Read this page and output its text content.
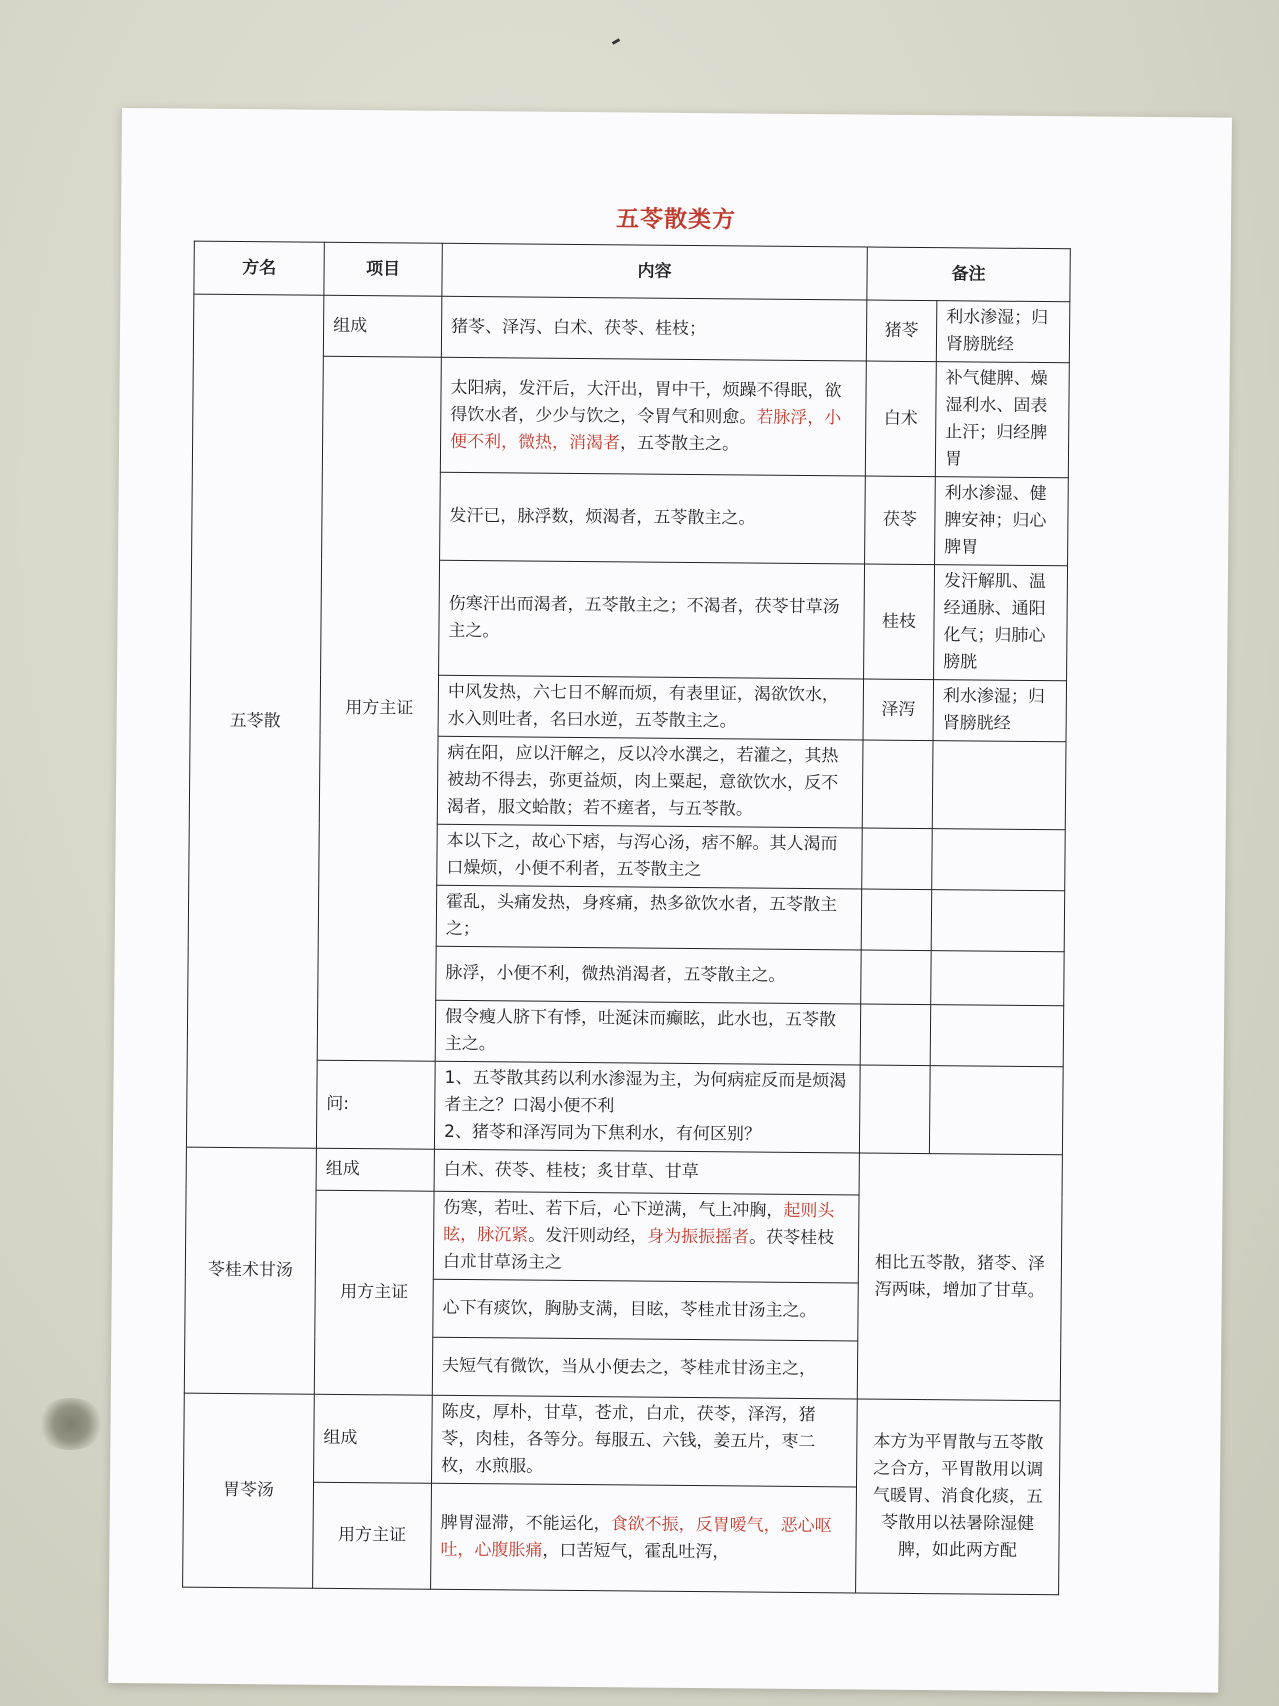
五苓散类方
方名	项目	内容	备注	
五苓散	组成	猪苓、泽泻、白术、茯苓、桂枝；	猪苓	利水渗湿；归肾膀胱经
	用方主证	太阳病，发汗后，大汗出，胃中干，烦躁不得眠，欲得饮水者，少少与饮之，令胃气和则愈。若脉浮，小便不利，微热，消渴者，五苓散主之。	白术	补气健脾、燥湿利水、固表止汗；归经脾胃
		发汗已，脉浮数，烦渴者，五苓散主之。	茯苓	利水渗湿、健脾安神；归心脾胃
		伤寒汗出而渴者，五苓散主之；不渴者，茯苓甘草汤主之。	桂枝	发汗解肌、温经通脉、通阳化气；归肺心膀胱
		中风发热，六七日不解而烦，有表里证，渴欲饮水，水入则吐者，名曰水逆，五苓散主之。	泽泻	利水渗湿；归肾膀胱经
		病在阳，应以汗解之，反以冷水潠之，若灌之，其热被劫不得去，弥更益烦，肉上粟起，意欲饮水，反不渴者，服文蛤散；若不瘥者，与五苓散。		
		本以下之，故心下痞，与泻心汤，痞不解。其人渴而口燥烦，小便不利者，五苓散主之		
		霍乱，头痛发热，身疼痛，热多欲饮水者，五苓散主之；		
		脉浮，小便不利，微热消渴者，五苓散主之。		
		假令瘦人脐下有悸，吐涎沫而癫眩，此水也，五苓散主之。		
	问:	1、五苓散其药以利水渗湿为主，为何病症反而是烦渴者主之？口渴小便不利
2、猪苓和泽泻同为下焦利水，有何区别？		

苓桂术甘汤	组成	白术、茯苓、桂枝；炙甘草、甘草	相比五苓散，猪苓、泽泻两味，增加了甘草。	
	用方主证	伤寒，若吐、若下后，心下逆满，气上冲胸，起则头眩，脉沉紧。发汗则动经，身为振振摇者。茯苓桂枝白朮甘草汤主之		
		心下有痰饮，胸胁支满，目眩，苓桂朮甘汤主之。		
		夫短气有微饮，当从小便去之，苓桂朮甘汤主之，		
胃苓汤	组成	陈皮，厚朴，甘草，苍朮，白朮，茯苓，泽泻，猪苓，肉桂，各等分。每服五、六钱，姜五片，枣二枚，水煎服。	本方为平胃散与五苓散之合方，平胃散用以调气暖胃、消食化痰，五苓散用以祛暑除湿健脾，如此两方配	
	用方主证	脾胃湿滞，不能运化，食欲不振，反胃嗳气，恶心呕吐，心腹胀痛，口苦短气，霍乱吐泻，		
